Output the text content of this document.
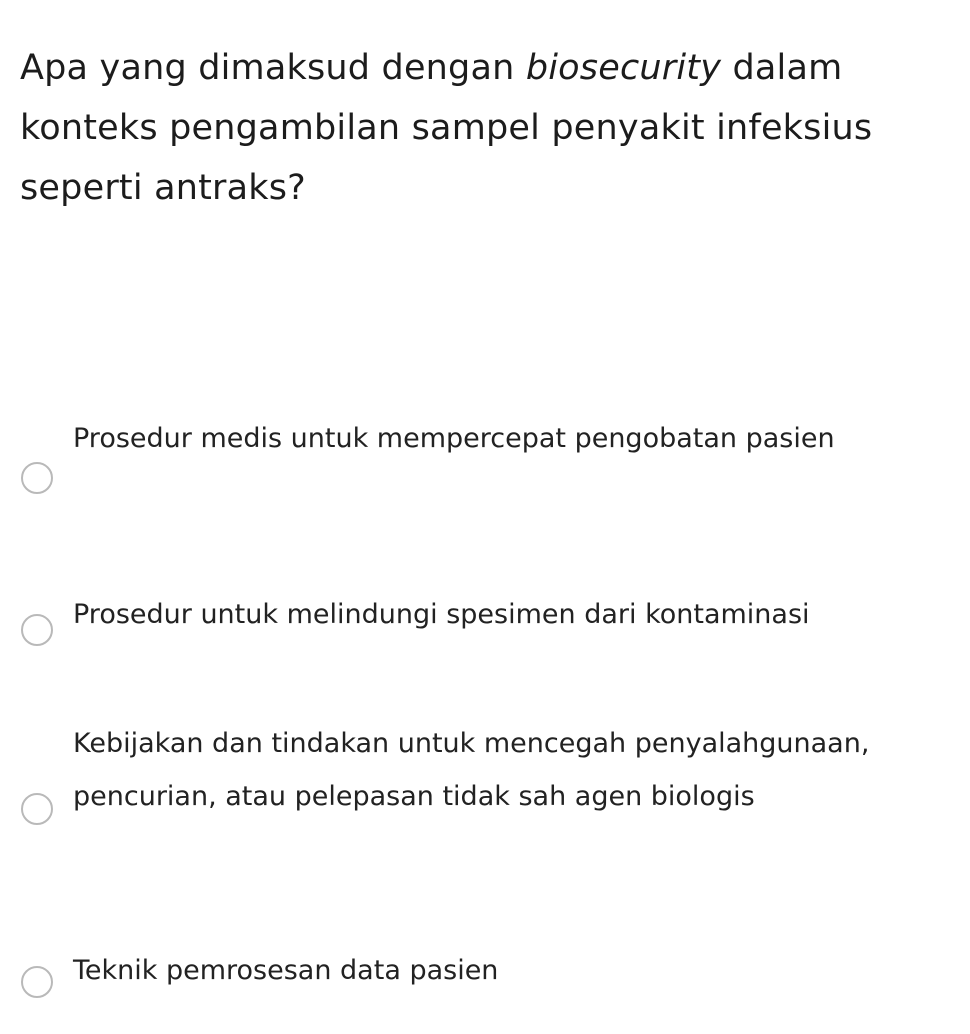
Apa yang dimaksud dengan biosecurity dalam konteks pengambilan sampel penyakit infeksius seperti antraks?
Prosedur medis untuk mempercepat pengobatan pasien
Prosedur untuk melindungi spesimen dari kontaminasi
Kebijakan dan tindakan untuk mencegah penyalahgunaan, pencurian, atau pelepasan tidak sah agen biologis
Teknik pemrosesan data pasien
